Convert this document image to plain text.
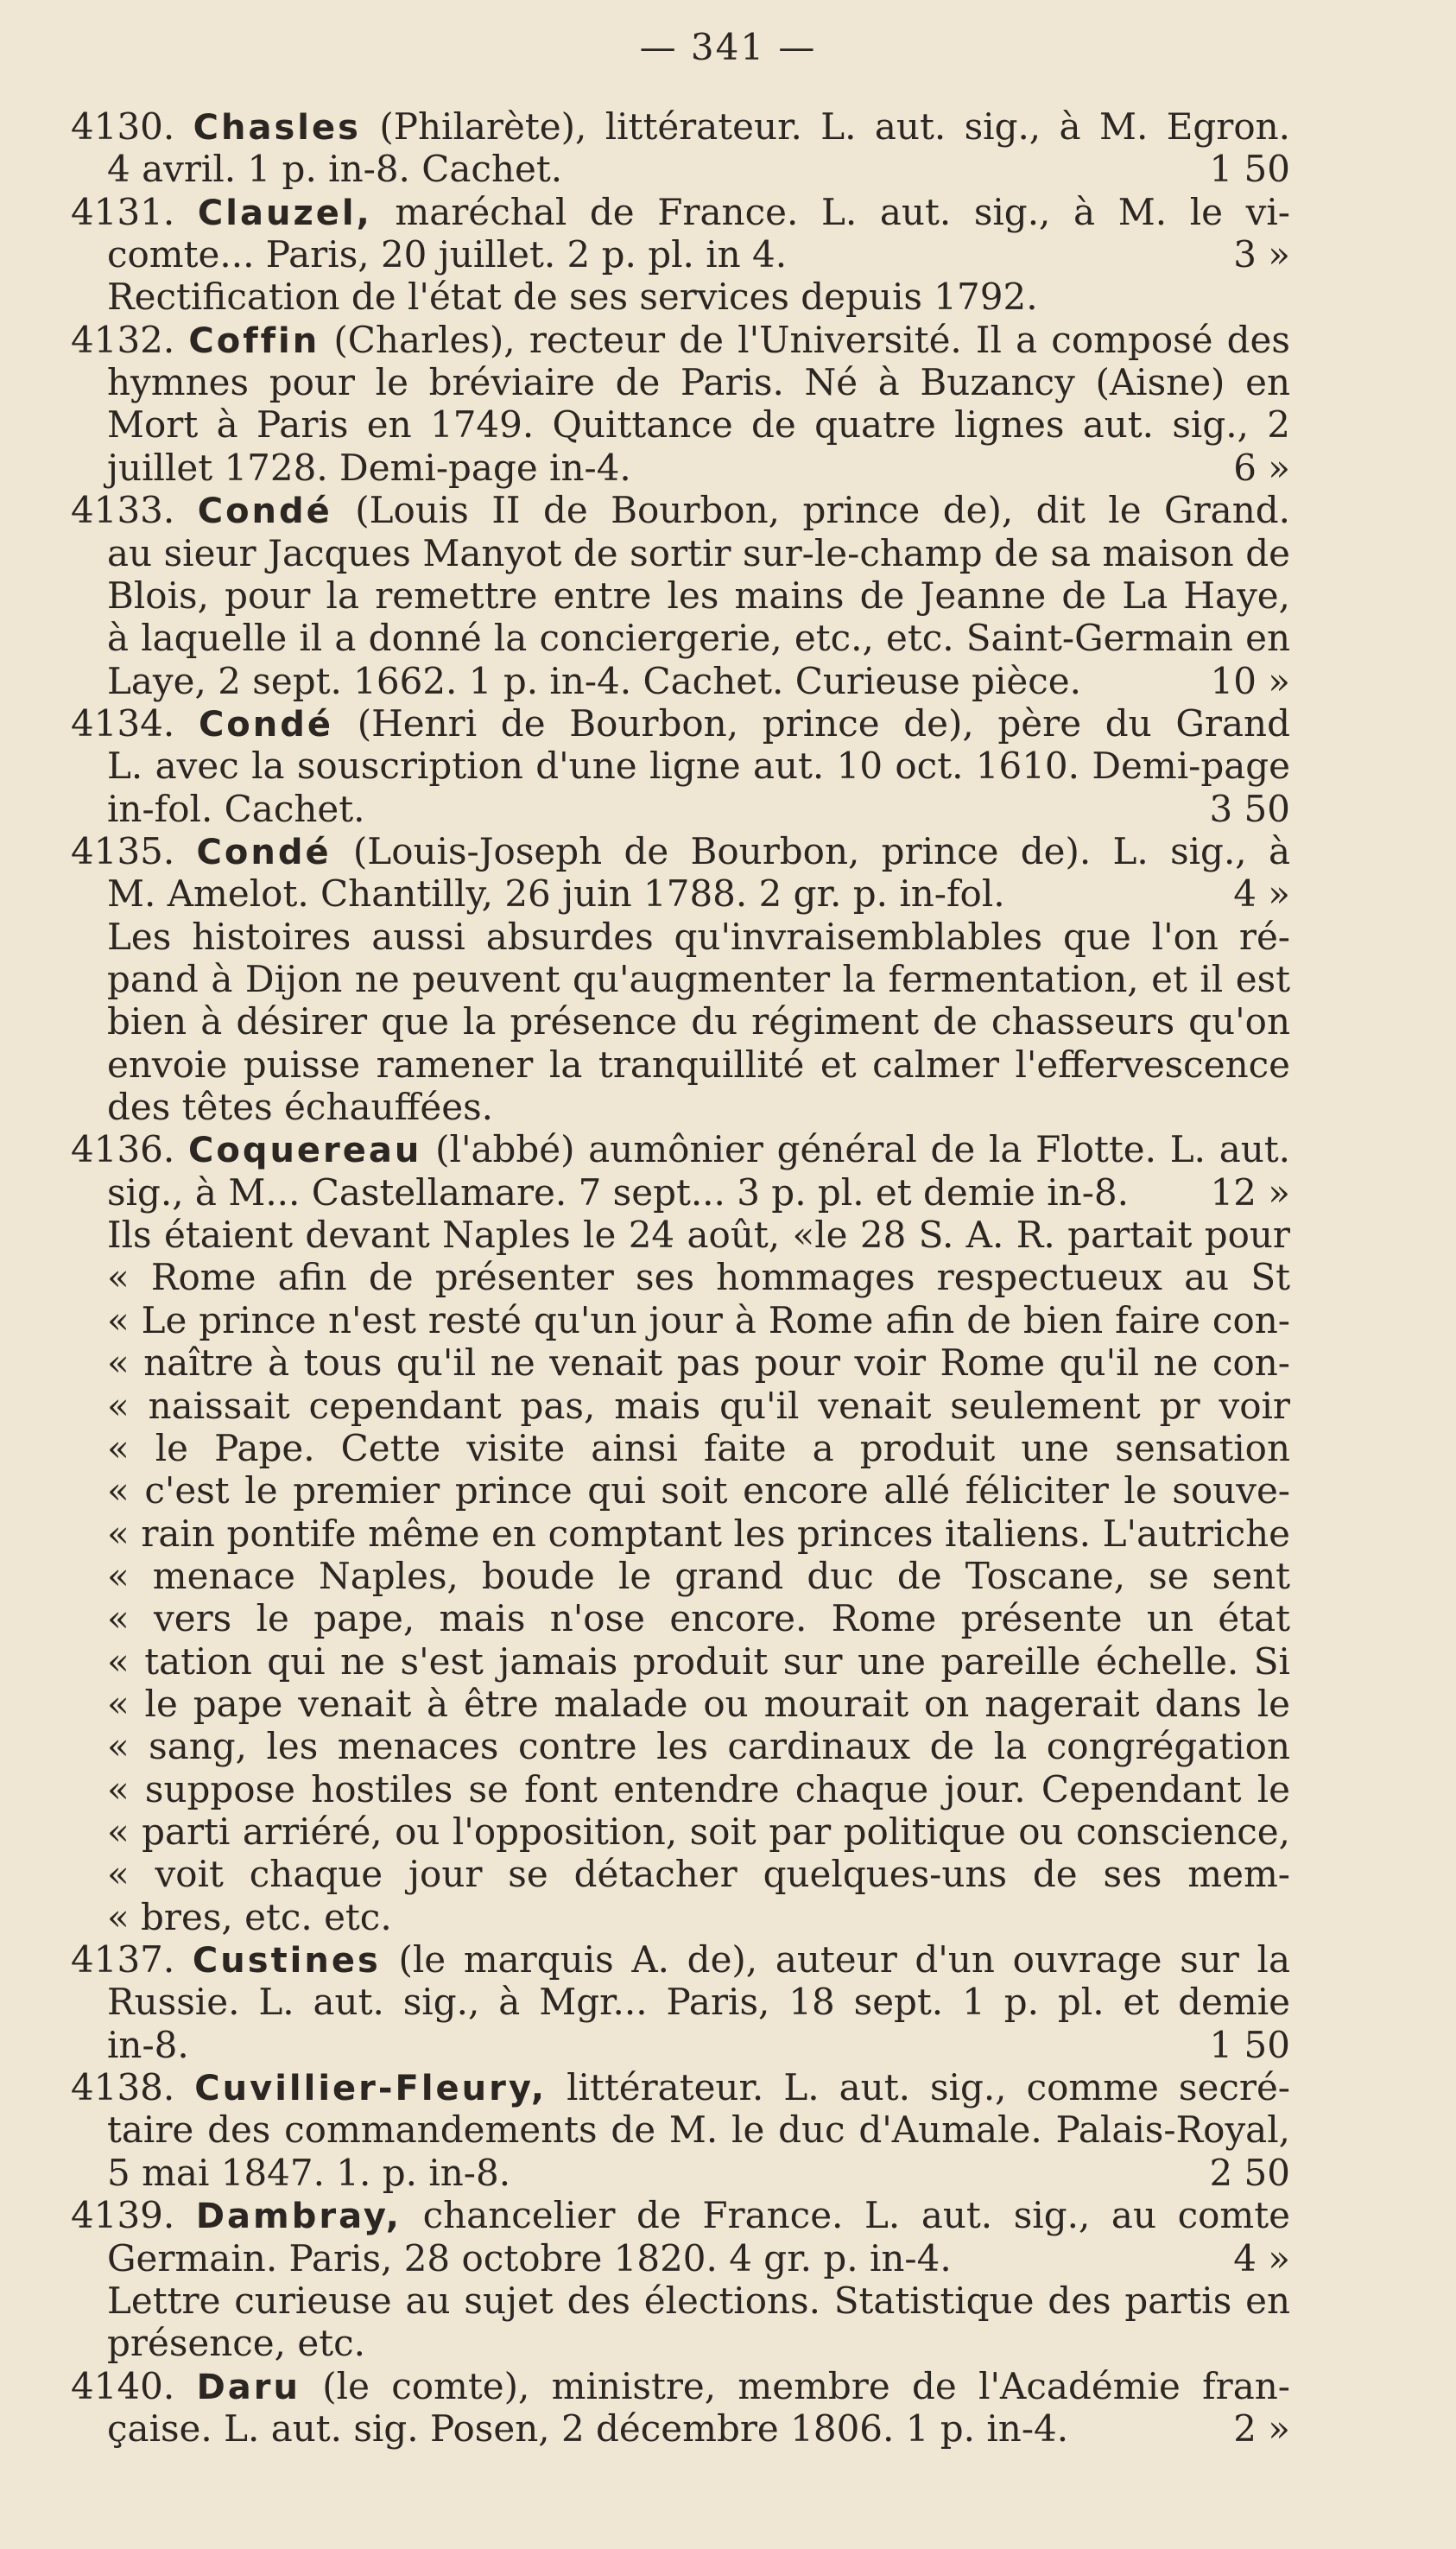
— 341 —
4130. Chasles (Philarète), littérateur. L. aut. sig., à M. Egron.
4 avril. 1 p. in-8. Cachet.	1 50
4131. Clauzel, maréchal de France. L. aut. sig., à M. le vi-
comte... Paris, 20 juillet. 2 p. pl. in 4.	3 »
Rectification de l'état de ses services depuis 1792.
4132. Coffin (Charles), recteur de l'Université. Il a composé des
hymnes pour le bréviaire de Paris. Né à Buzancy (Aisne) en
Mort à Paris en 1749. Quittance de quatre lignes aut. sig., 2
juillet 1728. Demi-page in-4.	6 »
4133. Condé (Louis II de Bourbon, prince de), dit le Grand.
au sieur Jacques Manyot de sortir sur-le-champ de sa maison de
Blois, pour la remettre entre les mains de Jeanne de La Haye,
à laquelle il a donné la conciergerie, etc., etc. Saint-Germain en
Laye, 2 sept. 1662. 1 p. in-4. Cachet. Curieuse pièce.	10 »
4134. Condé (Henri de Bourbon, prince de), père du Grand
L. avec la souscription d'une ligne aut. 10 oct. 1610. Demi-page
in-fol. Cachet.	3 50
4135. Condé (Louis-Joseph de Bourbon, prince de). L. sig., à
M. Amelot. Chantilly, 26 juin 1788. 2 gr. p. in-fol.	4 »
Les histoires aussi absurdes qu'invraisemblables que l'on ré-
pand à Dijon ne peuvent qu'augmenter la fermentation, et il est
bien à désirer que la présence du régiment de chasseurs qu'on
envoie puisse ramener la tranquillité et calmer l'effervescence
des têtes échauffées.
4136. Coquereau (l'abbé) aumônier général de la Flotte. L. aut.
sig., à M... Castellamare. 7 sept... 3 p. pl. et demie in-8. 12 »
Ils étaient devant Naples le 24 août, «le 28 S. A. R. partait pour
« Rome afin de présenter ses hommages respectueux au St
« Le prince n'est resté qu'un jour à Rome afin de bien faire con-
« naître à tous qu'il ne venait pas pour voir Rome qu'il ne con-
« naissait cependant pas, mais qu'il venait seulement pr voir
« le Pape. Cette visite ainsi faite a produit une sensation
« c'est le premier prince qui soit encore allé féliciter le souve-
« rain pontife même en comptant les princes italiens. L'autriche
« menace Naples, boude le grand duc de Toscane, se sent
« vers le pape, mais n'ose encore. Rome présente un état
« tation qui ne s'est jamais produit sur une pareille échelle. Si
« le pape venait à être malade ou mourait on nagerait dans le
« sang, les menaces contre les cardinaux de la congrégation
« suppose hostiles se font entendre chaque jour. Cependant le
« parti arriéré, ou l'opposition, soit par politique ou conscience,
« voit chaque jour se détacher quelques-uns de ses mem-
« bres, etc. etc.
4137. Custines (le marquis A. de), auteur d'un ouvrage sur la
Russie. L. aut. sig., à Mgr... Paris, 18 sept. 1 p. pl. et demie
in-8.	1 50
4138. Cuvillier-Fleury, littérateur. L. aut. sig., comme secré-
taire des commandements de M. le duc d'Aumale. Palais-Royal,
5 mai 1847. 1. p. in-8.	2 50
4139. Dambray, chancelier de France. L. aut. sig., au comte
Germain. Paris, 28 octobre 1820. 4 gr. p. in-4.	4 »
Lettre curieuse au sujet des élections. Statistique des partis en
présence, etc.
4140. Daru (le comte), ministre, membre de l'Académie fran-
çaise. L. aut. sig. Posen, 2 décembre 1806. 1 p. in-4.	2 »
